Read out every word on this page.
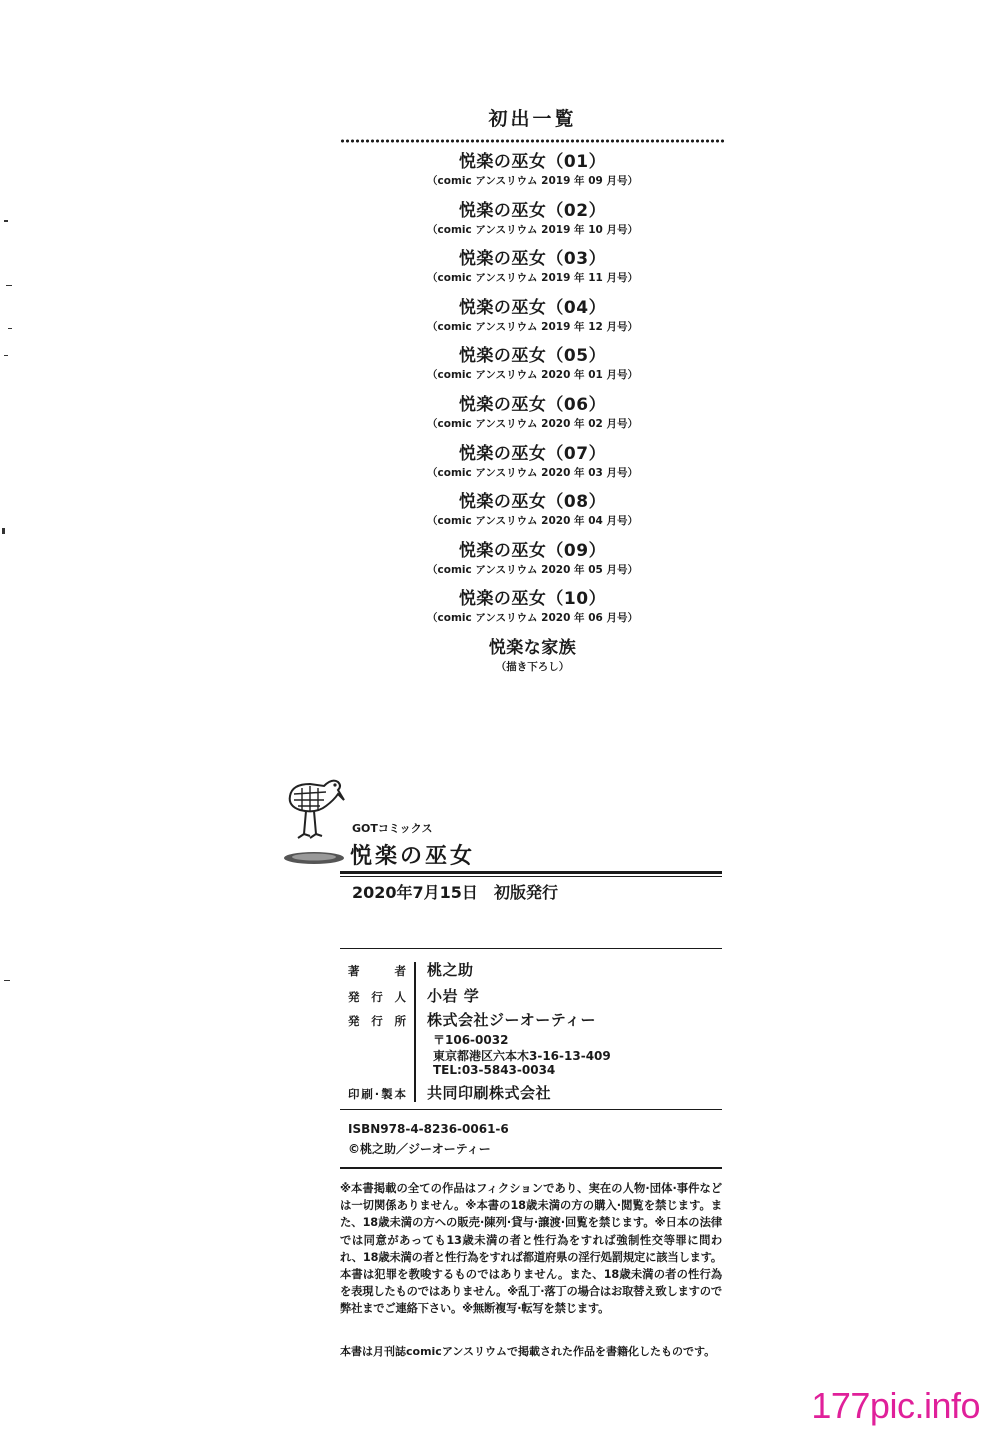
初出一覧
悦楽の巫女（01）
（comic アンスリウム 2019 年 09 月号）
悦楽の巫女（02）
（comic アンスリウム 2019 年 10 月号）
悦楽の巫女（03）
（comic アンスリウム 2019 年 11 月号）
悦楽の巫女（04）
（comic アンスリウム 2019 年 12 月号）
悦楽の巫女（05）
（comic アンスリウム 2020 年 01 月号）
悦楽の巫女（06）
（comic アンスリウム 2020 年 02 月号）
悦楽の巫女（07）
（comic アンスリウム 2020 年 03 月号）
悦楽の巫女（08）
（comic アンスリウム 2020 年 04 月号）
悦楽の巫女（09）
（comic アンスリウム 2020 年 05 月号）
悦楽の巫女（10）
（comic アンスリウム 2020 年 06 月号）
悦楽な家族
（描き下ろし）
GOTコミックス
悦楽の巫女
2020年7月15日 初版発行
著者 桃之助
発行人 小岩 学
発行所 株式会社ジーオーティー
〒106-0032
東京都港区六本木3-16-13-409
TEL:03-5843-0034
印刷·製本 共同印刷株式会社
ISBN978-4-8236-0061-6
©桃之助／ジーオーティー
※本書掲載の全ての作品はフィクションであり、実在の人物·団体·事件などは一切関係ありません。※本書の18歳未満の方の購入·閲覧を禁じます。また、18歳未満の方への販売·陳列·貸与·譲渡·回覧を禁じます。※日本の法律では同意があっても13歳未満の者と性行為をすれば強制性交等罪に問われ、18歳未満の者と性行為をすれば都道府県の淫行処罰規定に該当します。本書は犯罪を教唆するものではありません。また、18歳未満の者の性行為を表現したものではありません。※乱丁·落丁の場合はお取替え致しますので弊社までご連絡下さい。※無断複写·転写を禁じます。
本書は月刊誌comicアンスリウムで掲載された作品を書籍化したものです。
177pic.info
